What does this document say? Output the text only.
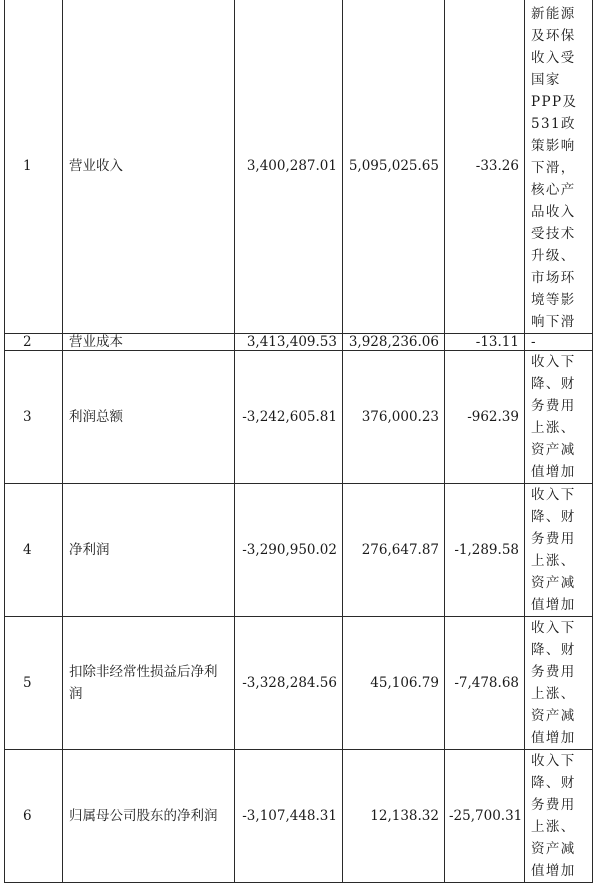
1	营业收入	3,400,287.01	5,095,025.65	-33.26	新能源及环保收入受国家PPP及531政策影响下滑，核心产品收入受技术升级、市场环境等影响下滑
2	营业成本	3,413,409.53	3,928,236.06	-13.11	-
3	利润总额	-3,242,605.81	376,000.23	-962.39	收入下降、财务费用上涨、资产减值增加
4	净利润	-3,290,950.02	276,647.87	-1,289.58	收入下降、财务费用上涨、资产减值增加
5	扣除非经常性损益后净利润	-3,328,284.56	45,106.79	-7,478.68	收入下降、财务费用上涨、资产减值增加
6	归属母公司股东的净利润	-3,107,448.31	12,138.32	-25,700.31	收入下降、财务费用上涨、资产减值增加
